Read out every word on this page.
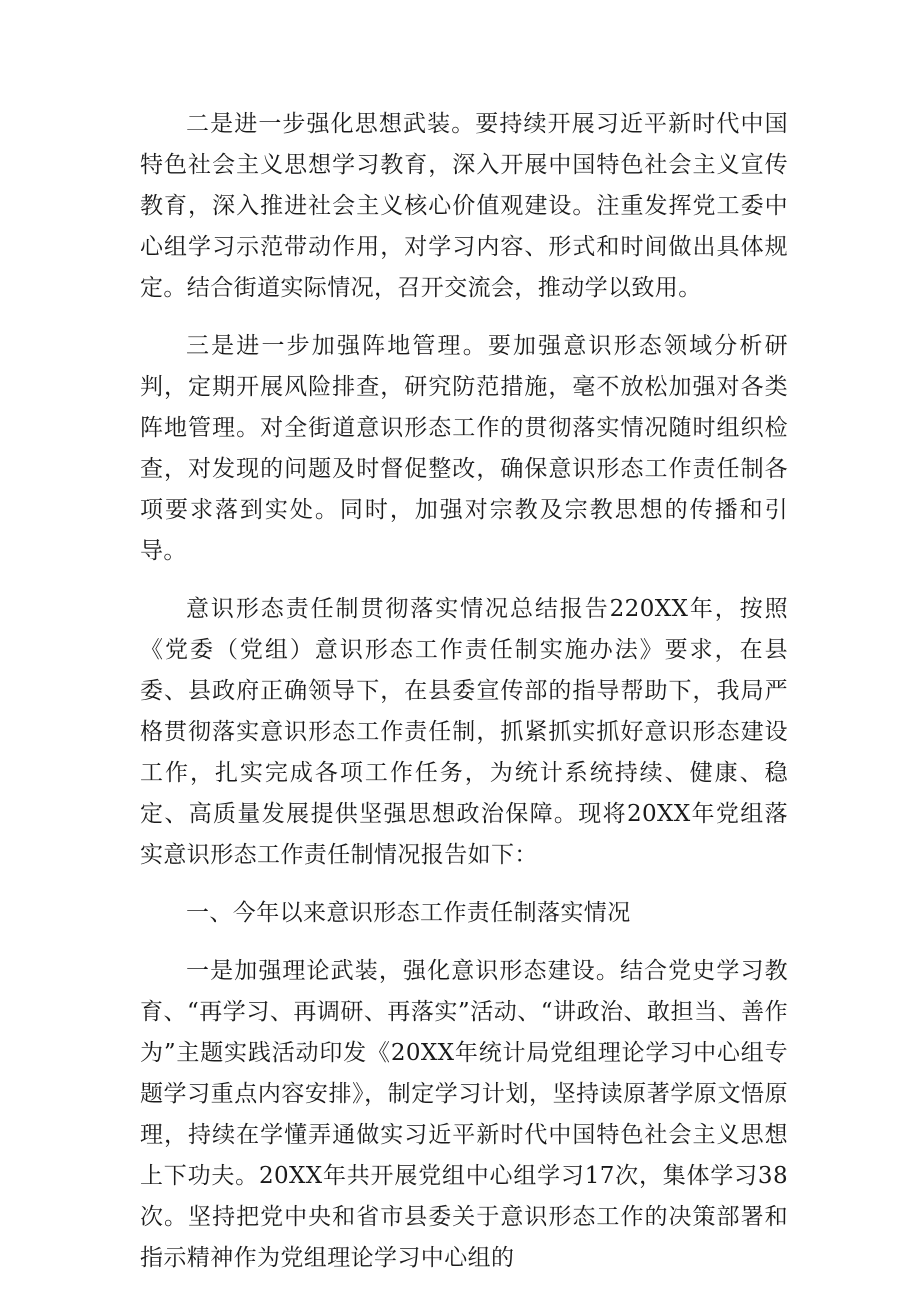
二是进一步强化思想武装。要持续开展习近平新时代中国特色社会主义思想学习教育，深入开展中国特色社会主义宣传教育，深入推进社会主义核心价值观建设。注重发挥党工委中心组学习示范带动作用，对学习内容、形式和时间做出具体规定。结合街道实际情况，召开交流会，推动学以致用。

三是进一步加强阵地管理。要加强意识形态领域分析研判，定期开展风险排查，研究防范措施，毫不放松加强对各类阵地管理。对全街道意识形态工作的贯彻落实情况随时组织检查，对发现的问题及时督促整改，确保意识形态工作责任制各项要求落到实处。同时，加强对宗教及宗教思想的传播和引导。

意识形态责任制贯彻落实情况总结报告220XX年，按照《党委（党组）意识形态工作责任制实施办法》要求，在县委、县政府正确领导下，在县委宣传部的指导帮助下，我局严格贯彻落实意识形态工作责任制，抓紧抓实抓好意识形态建设工作，扎实完成各项工作任务，为统计系统持续、健康、稳定、高质量发展提供坚强思想政治保障。现将20XX年党组落实意识形态工作责任制情况报告如下：

一、今年以来意识形态工作责任制落实情况

一是加强理论武装，强化意识形态建设。结合党史学习教育、“再学习、再调研、再落实”活动、“讲政治、敢担当、善作为”主题实践活动印发《20XX年统计局党组理论学习中心组专题学习重点内容安排》，制定学习计划，坚持读原著学原文悟原理，持续在学懂弄通做实习近平新时代中国特色社会主义思想上下功夫。20XX年共开展党组中心组学习17次，集体学习38次。坚持把党中央和省市县委关于意识形态工作的决策部署和指示精神作为党组理论学习中心组的
